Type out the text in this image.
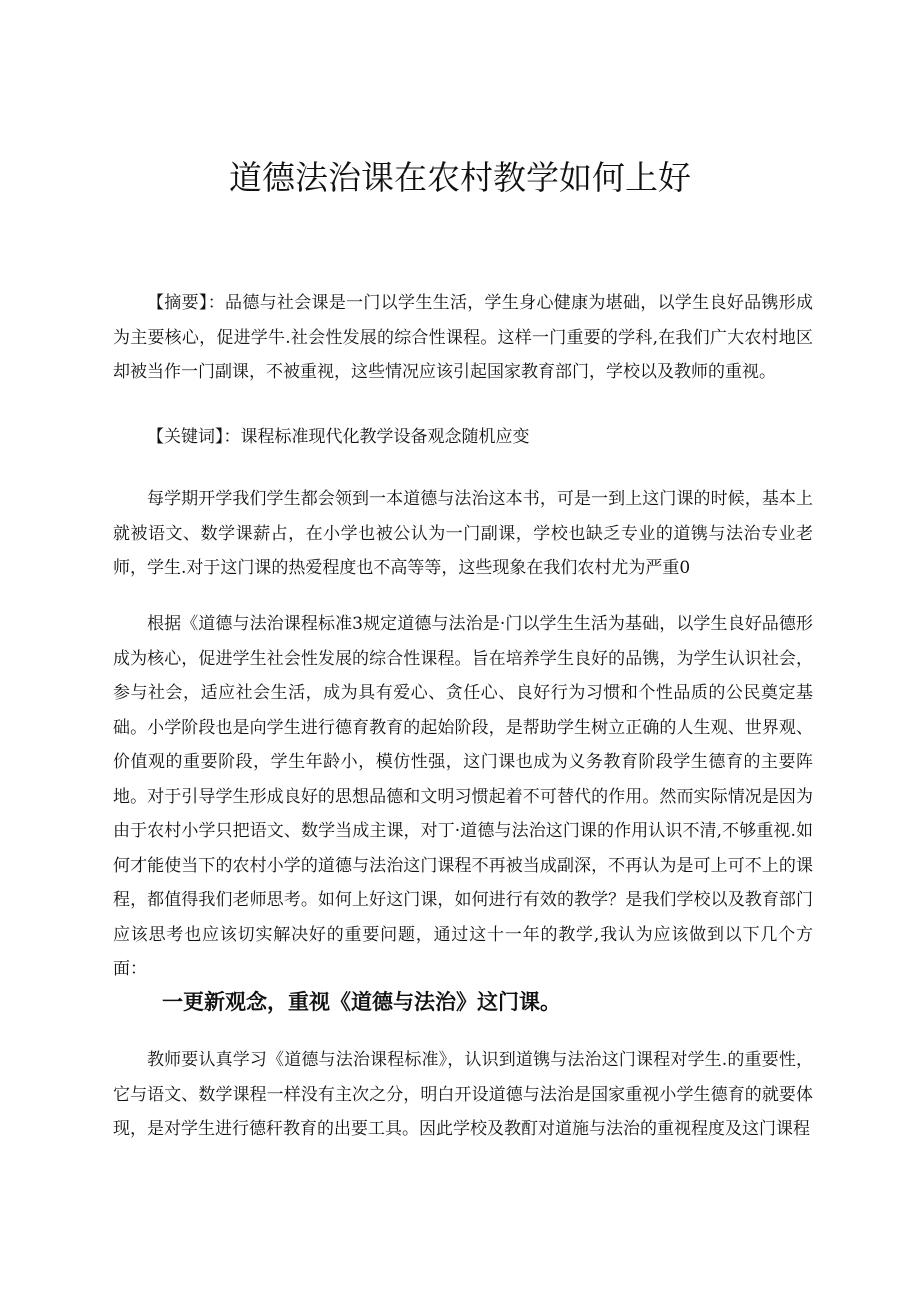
道德法治课在农村教学如何上好

【摘要】：品德与社会课是一门以学生生活，学生身心健康为堪础，以学生良好品镌形成为主要核心，促进学牛.社会性发展的综合性课程。这样一门重要的学科,在我们广大农村地区却被当作一门副课，不被重视，这些情况应该引起国家教育部门，学校以及教师的重视。

【关键词】：课程标准现代化教学设备观念随机应变

每学期开学我们学生都会领到一本道德与法治这本书，可是一到上这门课的时候，基本上就被语文、数学课薪占，在小学也被公认为一门副课，学校也缺乏专业的道镌与法治专业老师，学生.对于这门课的热爱程度也不高等等，这些现象在我们农村尤为严重0

根据《道德与法治课程标准3规定道德与法治是·门以学生生活为基础，以学生良好品德形成为核心，促进学生社会性发展的综合性课程。旨在培养学生良好的品镌，为学生认识社会，参与社会，适应社会生活，成为具有爱心、贪任心、良好行为习惯和个性品质的公民奠定基础。小学阶段也是向学生进行德育教育的起始阶段，是帮助学生树立正确的人生观、世界观、价值观的重要阶段，学生年龄小，模仿性强，这门课也成为义务教育阶段学生德育的主要阵地。对于引导学生形成良好的思想品德和文明习惯起着不可替代的作用。然而实际情况是因为由于农村小学只把语文、数学当成主课，对丁·道德与法治这门课的作用认识不清,不够重视.如何才能使当下的农村小学的道德与法治这门课程不再被当成副深，不再认为是可上可不上的课程，都值得我们老师思考。如何上好这门课，如何进行有效的教学？是我们学校以及教育部门应该思考也应该切实解决好的重要问题，通过这十一年的教学,我认为应该做到以下几个方面：

一更新观念，重视《道德与法治》这门课。

教师要认真学习《道德与法治课程标准》，认识到道镌与法治这门课程对学生.的重要性，它与语文、数学课程一样没有主次之分，明白开设道德与法治是国家重视小学生德育的就要体现，是对学生进行德秆教育的出要工具。因此学校及教酊对道施与法治的重视程度及这门课程
